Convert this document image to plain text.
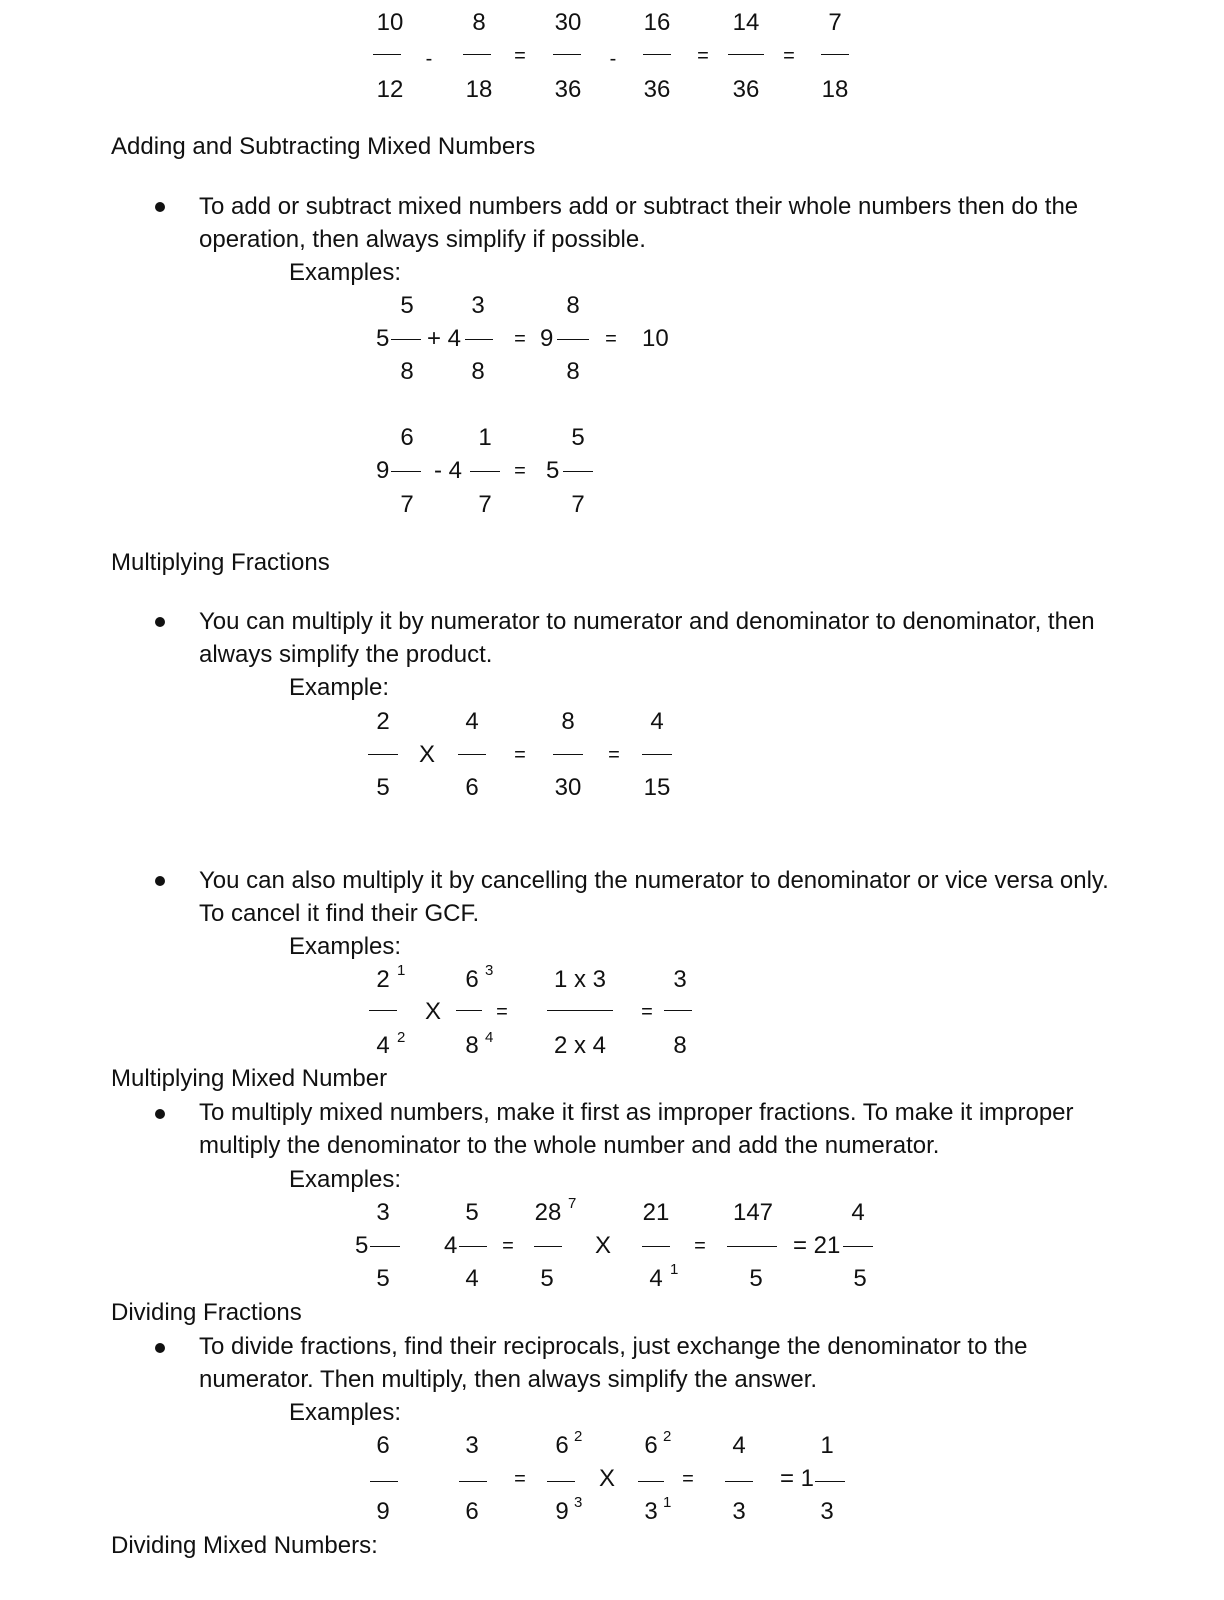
10
12
-
8
18
=
30
36
-
16
36
=
14
36
=
7
18
Adding and Subtracting Mixed Numbers
To add or subtract mixed numbers add or subtract their whole numbers then do the
operation, then always simplify if possible.
Examples:
5
5
8
+ 4
3
8
= 9
8
8
= 10
6
9
7
- 4
1
7
= 5
5
7
Multiplying Fractions
You can multiply it by numerator to numerator and denominator to denominator, then
always simplify the product.
Example:
2
5
X
4
6
=
8
30
=
4
15
You can also multiply it by cancelling the numerator to denominator or vice versa only.
To cancel it find their GCF.
Examples:
2 1
4 2
X
6 3
8 4
=
1 x 3
2 x 4
=
3
8
Multiplying Mixed Number
To multiply mixed numbers, make it first as improper fractions. To make it improper
multiply the denominator to the whole number and add the numerator.
Examples:
3
5
5
5
4
4
=
28 7
5
X
21
4 1
=
147
5
= 21
4
5
Dividing Fractions
To divide fractions, find their reciprocals, just exchange the denominator to the
numerator. Then multiply, then always simplify the answer.
Examples:
6
9
3
6
=
6 2
9 3
X
6 2
3 1
=
4
3
= 1
1
3
Dividing Mixed Numbers:
